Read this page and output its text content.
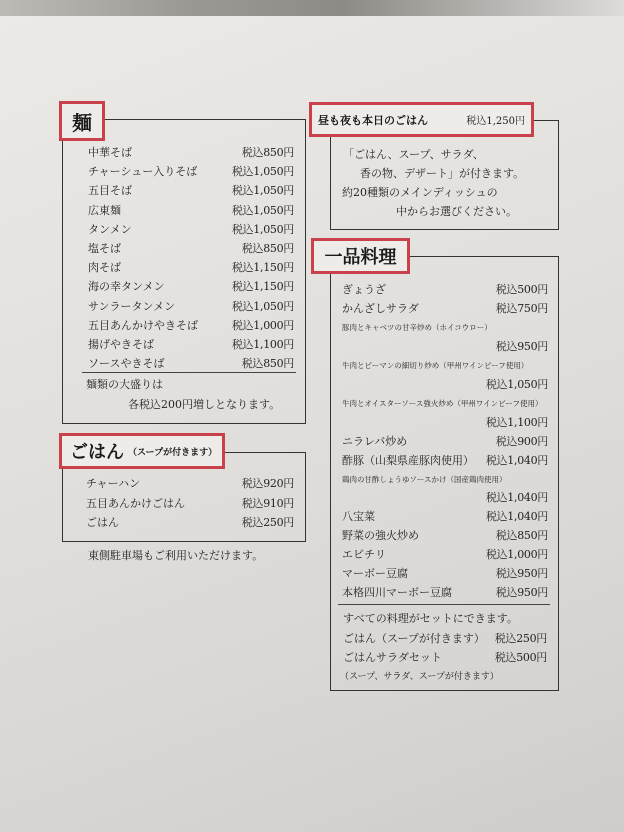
麺
中華そば	税込850円
チャーシュー入りそば	税込1,050円
五目そば	税込1,050円
広東麺	税込1,050円
タンメン	税込1,050円
塩そば	税込850円
肉そば	税込1,150円
海の幸タンメン	税込1,150円
サンラータンメン	税込1,050円
五目あんかけやきそば	税込1,000円
揚げやきそば	税込1,100円
ソースやきそば	税込850円
麺類の大盛りは
各税込200円増しとなります。
ごはん （スープが付きます）
チャーハン	税込920円
五目あんかけごはん	税込910円
ごはん	税込250円
東側駐車場もご利用いただけます。
昼も夜も本日のごはん	税込1,250円
「ごはん、スープ、サラダ、
香の物、デザート」が付きます。
約20種類のメインディッシュの
中からお選びください。
一品料理
ぎょうざ	税込500円
かんざしサラダ	税込750円
豚肉とキャベツの甘辛炒め（ホイコウロー）
税込950円
牛肉とピーマンの細切り炒め（甲州ワインビーフ使用）
税込1,050円
牛肉とオイスターソース強火炒め（甲州ワインビーフ使用）
税込1,100円
ニラレバ炒め	税込900円
酢豚（山梨県産豚肉使用） 税込1,040円
鶏肉の甘酢しょうゆソースかけ（国産鶏肉使用）
税込1,040円
八宝菜	税込1,040円
野菜の強火炒め	税込850円
エビチリ	税込1,000円
マーボー豆腐	税込950円
本格四川マーボー豆腐	税込950円
すべての料理がセットにできます。
ごはん（スープが付きます） 税込250円
ごはんサラダセット	税込500円
（スープ、サラダ、スープが付きます）
